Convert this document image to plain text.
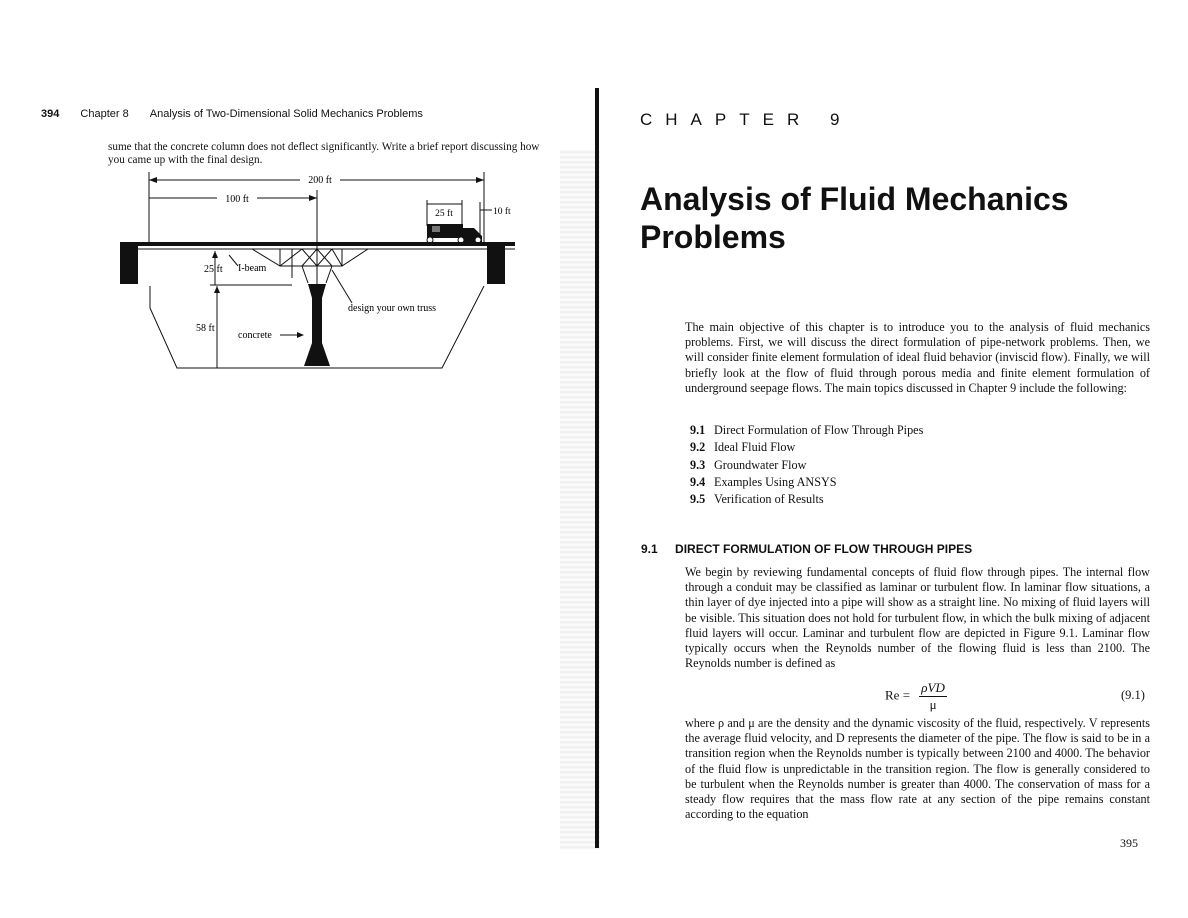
394 Chapter 8 Analysis of Two-Dimensional Solid Mechanics Problems
sume that the concrete column does not deflect significantly. Write a brief report discussing how you came up with the final design.
200 ft
100 ft
25 ft	10 ft
25 ft
58 ft
I-beam
design your own truss
concrete
CHAPTER 9
Analysis of Fluid Mechanics Problems
The main objective of this chapter is to introduce you to the analysis of fluid mechanics problems. First, we will discuss the direct formulation of pipe-network problems. Then, we will consider finite element formulation of ideal fluid behavior (inviscid flow). Finally, we will briefly look at the flow of fluid through porous media and finite element formulation of underground seepage flows. The main topics discussed in Chapter 9 include the following:
9.1 Direct Formulation of Flow Through Pipes
9.2 Ideal Fluid Flow
9.3 Groundwater Flow
9.4 Examples Using ANSYS
9.5 Verification of Results
9.1 DIRECT FORMULATION OF FLOW THROUGH PIPES
We begin by reviewing fundamental concepts of fluid flow through pipes. The internal flow through a conduit may be classified as laminar or turbulent flow. In laminar flow situations, a thin layer of dye injected into a pipe will show as a straight line. No mixing of fluid layers will be visible. This situation does not hold for turbulent flow, in which the bulk mixing of adjacent fluid layers will occur. Laminar and turbulent flow are depicted in Figure 9.1. Laminar flow typically occurs when the Reynolds number of the flowing fluid is less than 2100. The Reynolds number is defined as
$Re = \frac{\text{ρVD}}{\mu}$	(9.1)
where ρ and μ are the density and the dynamic viscosity of the fluid, respectively. V represents the average fluid velocity, and D represents the diameter of the pipe. The flow is said to be in a transition region when the Reynolds number is typically between 2100 and 4000. The behavior of the fluid flow is unpredictable in the transition region. The flow is generally considered to be turbulent when the Reynolds number is greater than 4000. The conservation of mass for a steady flow requires that the mass flow rate at any section of the pipe remains constant according to the equation
395
